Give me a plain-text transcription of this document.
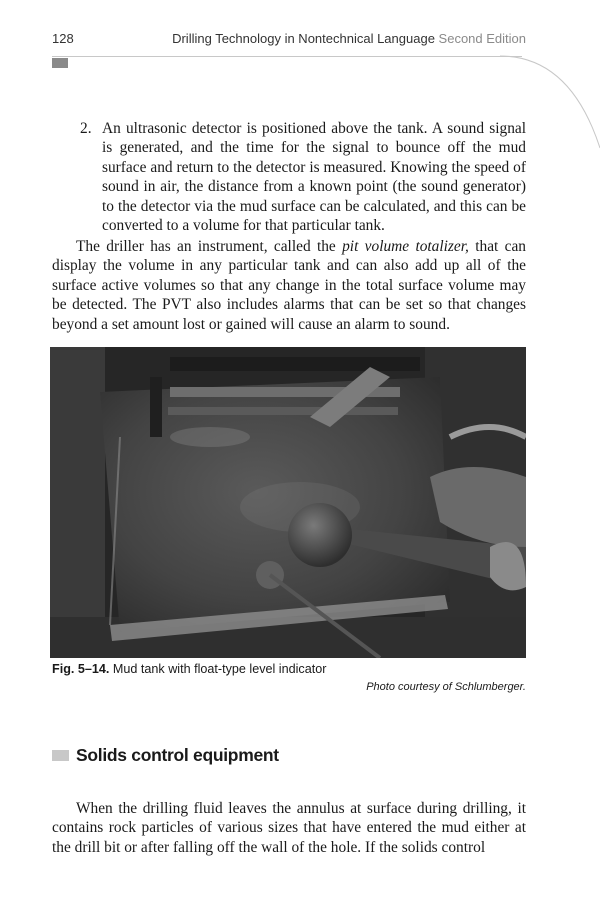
128	Drilling Technology in Nontechnical Language Second Edition
2. An ultrasonic detector is positioned above the tank. A sound signal is generated, and the time for the signal to bounce off the mud surface and return to the detector is measured. Knowing the speed of sound in air, the distance from a known point (the sound generator) to the detector via the mud surface can be calculated, and this can be converted to a volume for that particular tank.
The driller has an instrument, called the pit volume totalizer, that can display the volume in any particular tank and can also add up all of the surface active volumes so that any change in the total surface volume may be detected. The PVT also includes alarms that can be set so that changes beyond a set amount lost or gained will cause an alarm to sound.
Fig. 5–14. Mud tank with float-type level indicator
Photo courtesy of Schlumberger.
Solids control equipment
When the drilling fluid leaves the annulus at surface during drilling, it contains rock particles of various sizes that have entered the mud either at the drill bit or after falling off the wall of the hole. If the solids control
